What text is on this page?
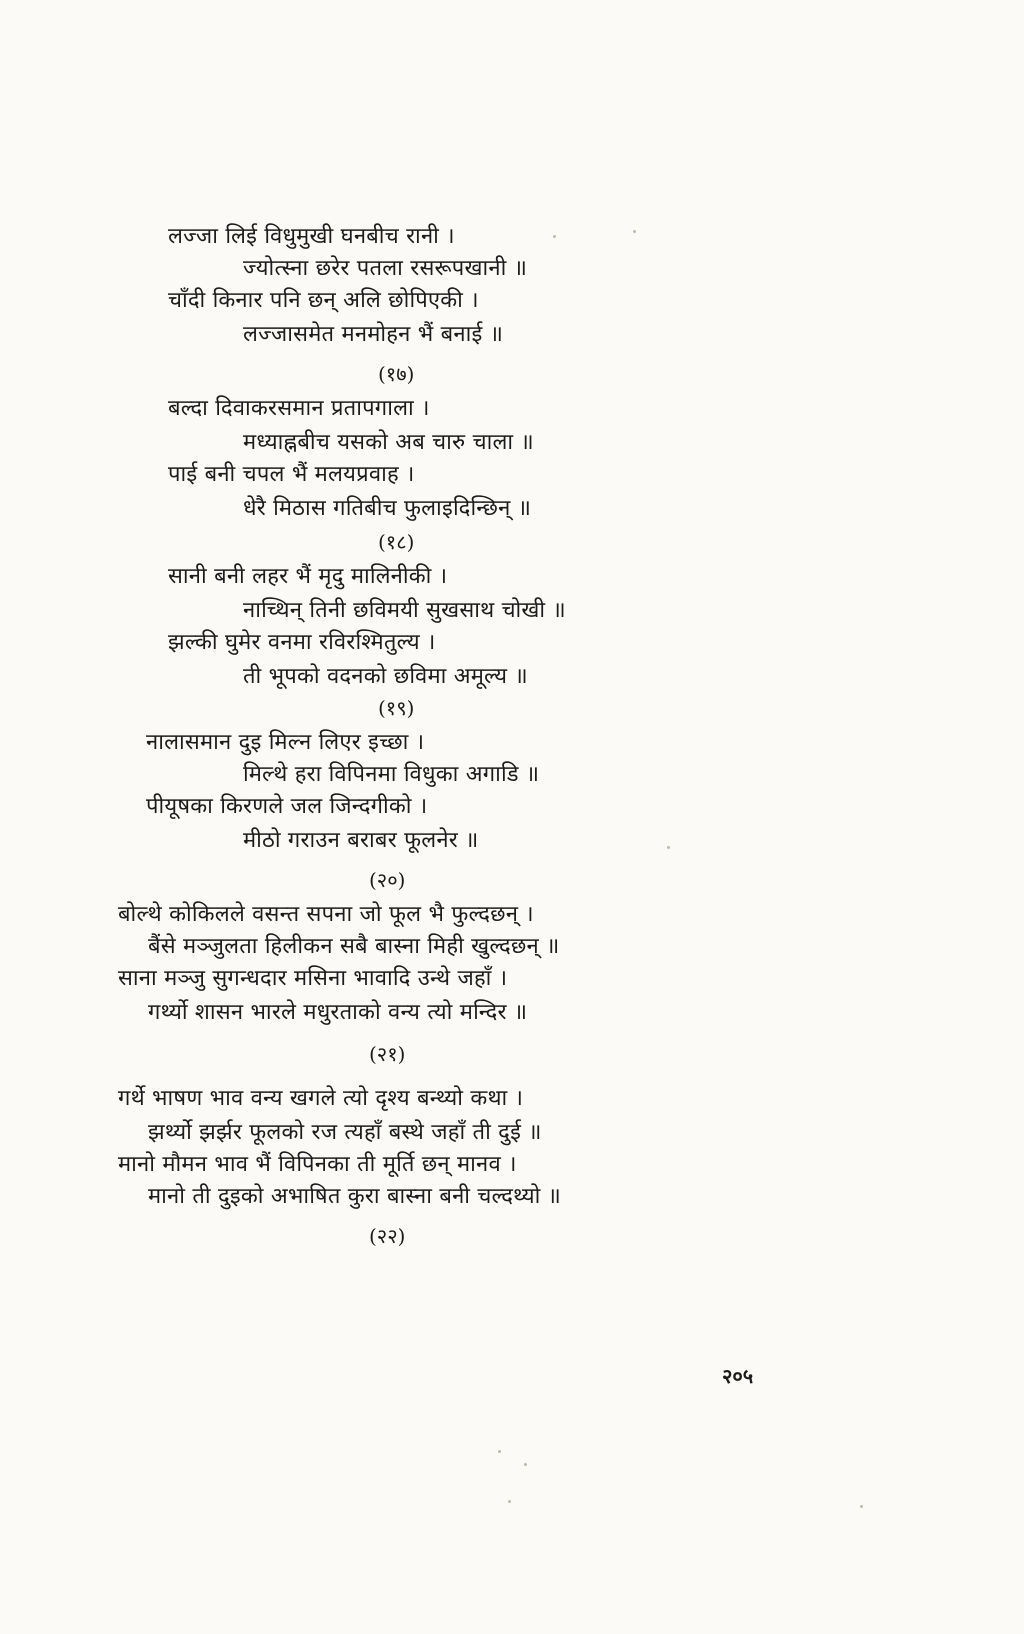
लज्जा लिई विधुमुखी घनबीच रानी ।
ज्योत्स्ना छरेर पतला रसरूपखानी ॥
चाँदी किनार पनि छन् अलि छोपिएकी ।
लज्जासमेत मनमोहन भैं बनाई ॥
(१७)
बल्दा दिवाकरसमान प्रतापगाला ।
मध्याह्नबीच यसको अब चारु चाला ॥
पाई बनी चपल भैं मलयप्रवाह ।
धेरै मिठास गतिबीच फुलाइदिन्छिन् ॥
(१८)
सानी बनी लहर भैं मृदु मालिनीकी ।
नाच्थिन् तिनी छविमयी सुखसाथ चोखी ॥
झल्की घुमेर वनमा रविरश्मितुल्य ।
ती भूपको वदनको छविमा अमूल्य ॥
(१९)
नालासमान दुइ मिल्न लिएर इच्छा ।
मिल्थे हरा विपिनमा विधुका अगाडि ॥
पीयूषका किरणले जल जिन्दगीको ।
मीठो गराउन बराबर फूलनेर ॥
(२०)
बोल्थे कोकिलले वसन्त सपना जो फूल भै फुल्दछन् ।
बैंसे मञ्जुलता हिलीकन सबै बास्ना मिही खुल्दछन् ॥
साना मञ्जु सुगन्धदार मसिना भावादि उन्थे जहाँ ।
गर्थ्यो शासन भारले मधुरताको वन्य त्यो मन्दिर ॥
(२१)
गर्थे भाषण भाव वन्य खगले त्यो दृश्य बन्थ्यो कथा ।
झर्थ्यो झर्झर फूलको रज त्यहाँ बस्थे जहाँ ती दुई ॥
मानो मौमन भाव भैं विपिनका ती मूर्ति छन् मानव ।
मानो ती दुइको अभाषित कुरा बास्ना बनी चल्दथ्यो ॥
(२२)
२०५
